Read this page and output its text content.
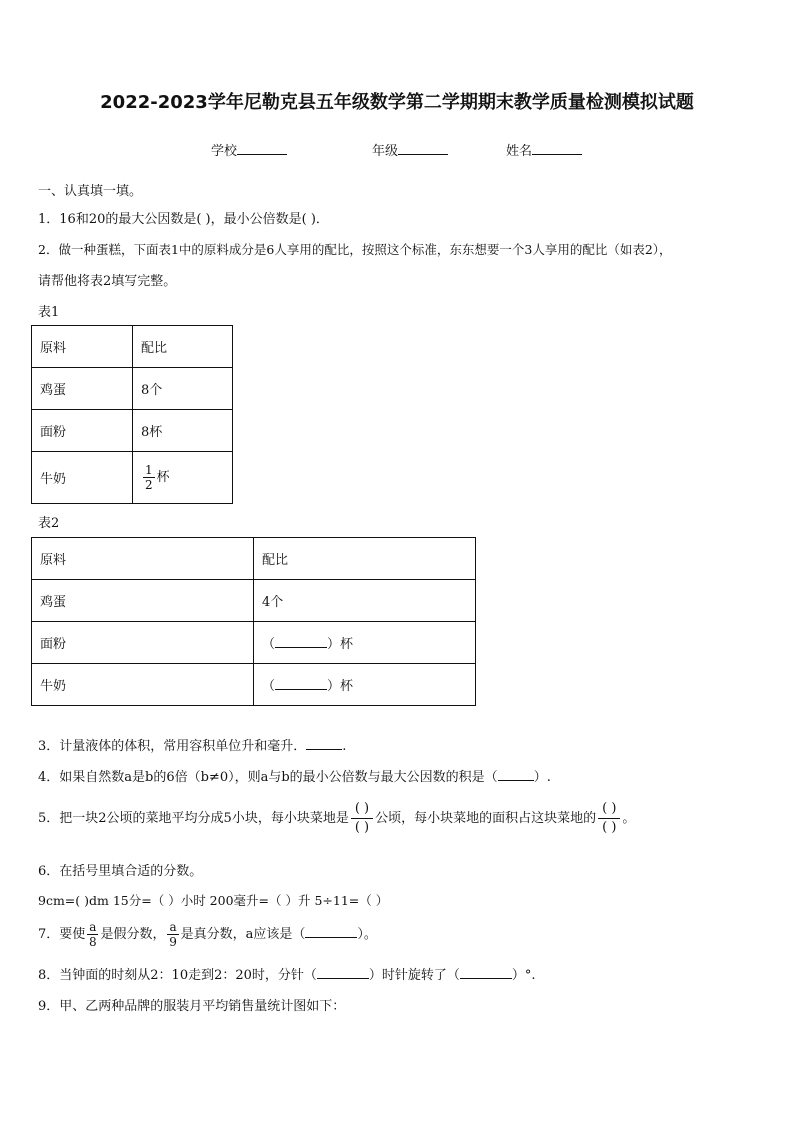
2022-2023学年尼勒克县五年级数学第二学期期末教学质量检测模拟试题
学校	年级	姓名
一、认真填一填。
1．16和20的最大公因数是( )，最小公倍数是( )．
2．做一种蛋糕，下面表1中的原料成分是6人享用的配比，按照这个标准，东东想要一个3人享用的配比（如表2），
请帮他将表2填写完整。
表1
原料	配比
鸡蛋	8个
面粉	8杯
牛奶	$\frac{1}{2}$ 杯
表2
原料	配比
鸡蛋	4个
面粉	（ ）杯
牛奶	（ ）杯
3．计量液体的体积，常用容积单位升和毫升．	.
4．如果自然数a是b的6倍（b≠0），则a与b的最小公倍数与最大公因数的积是（	）.
5．把一块2公顷的菜地平均分成5小块，每小块菜地是
( )
( )
公顷，每小块菜地的面积占这块菜地的
( )
( )
。
6．在括号里填合适的分数。
9cm=( )dm 15分=（ ）小时 200毫升=（ ）升 5÷11=（ ）
7．要使 $\frac{a}{8}$ 是假分数， $\frac{a}{9}$ 是真分数，a应该是（	）。
8．当钟面的时刻从2：10走到2：20时，分针（	）时针旋转了（	）°.
9．甲、乙两种品牌的服装月平均销售量统计图如下：
